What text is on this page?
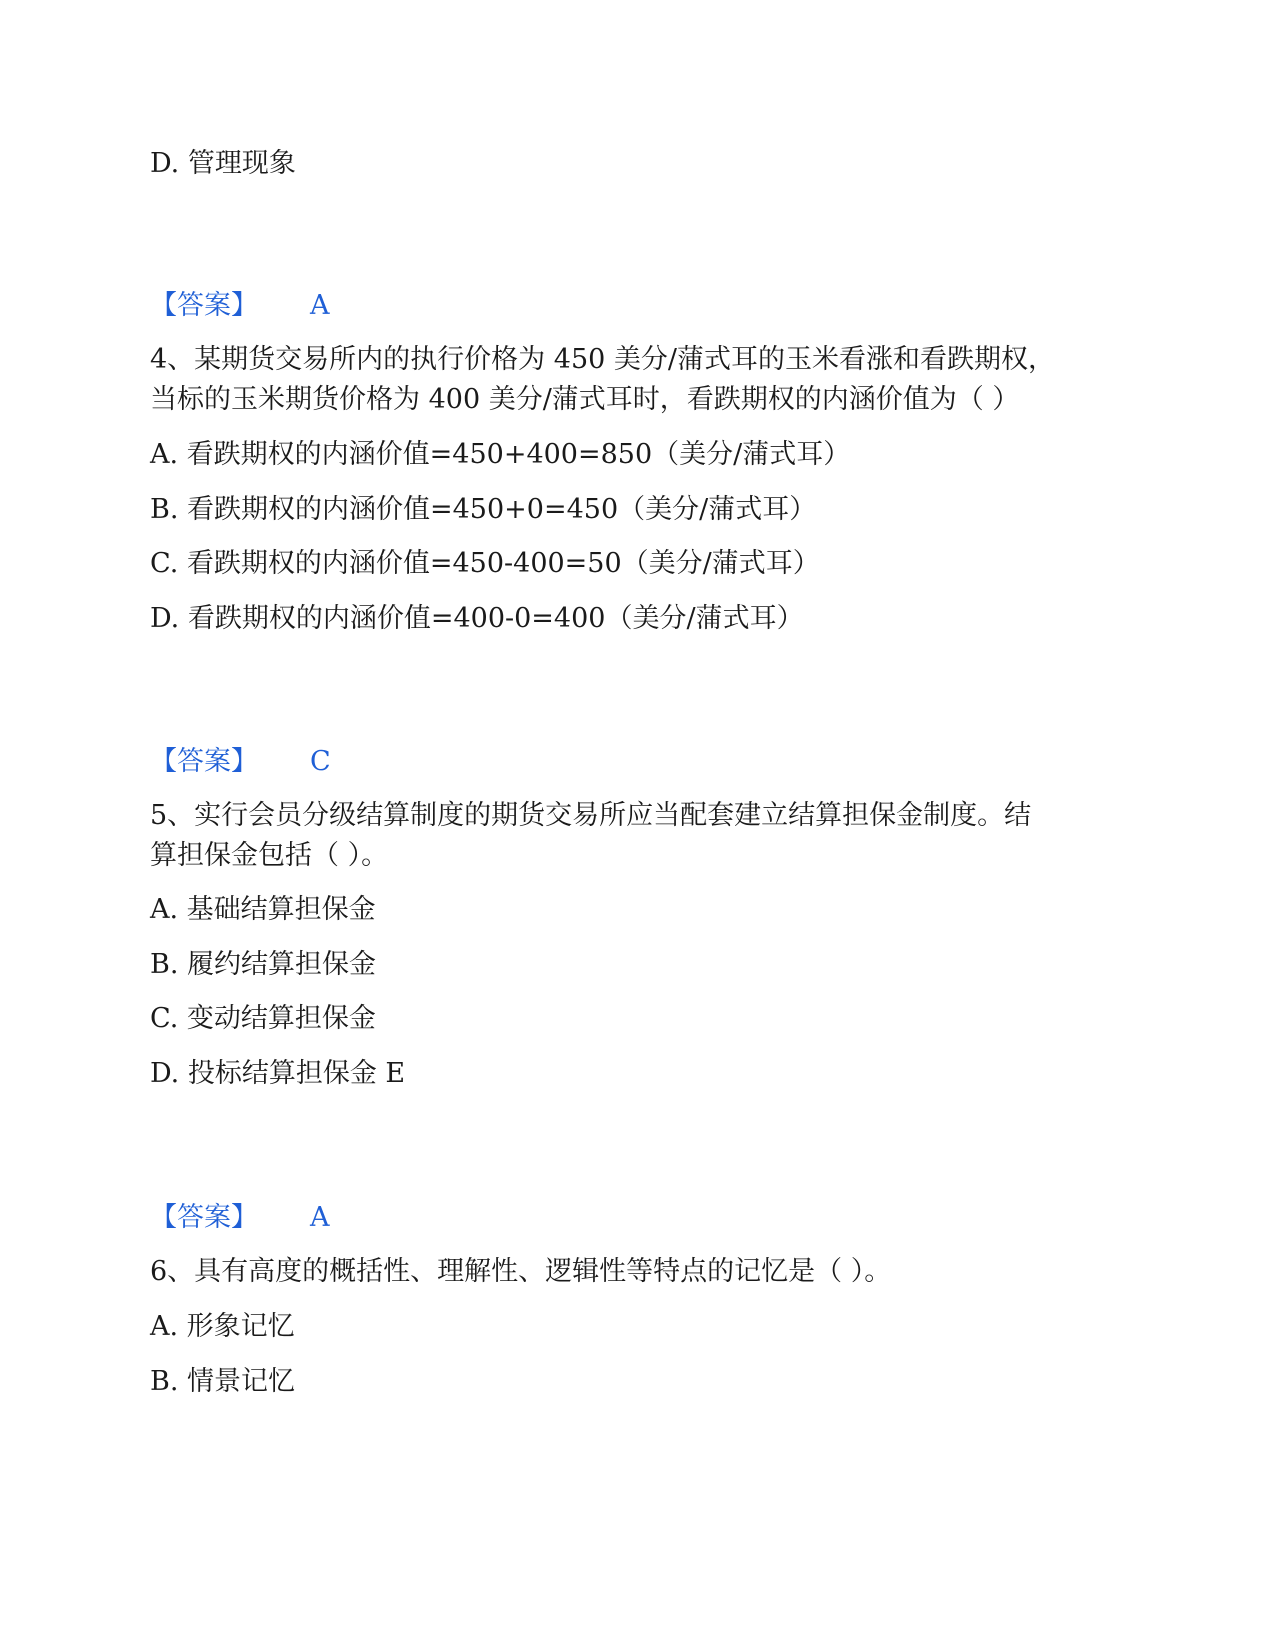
D. 管理现象
【答案】 A
4、某期货交易所内的执行价格为 450 美分/蒲式耳的玉米看涨和看跌期权，
当标的玉米期货价格为 400 美分/蒲式耳时，看跌期权的内涵价值为（ ）
A. 看跌期权的内涵价值=450+400=850（美分/蒲式耳）
B. 看跌期权的内涵价值=450+0=450（美分/蒲式耳）
C. 看跌期权的内涵价值=450-400=50（美分/蒲式耳）
D. 看跌期权的内涵价值=400-0=400（美分/蒲式耳）
【答案】 C
5、实行会员分级结算制度的期货交易所应当配套建立结算担保金制度。结
算担保金包括（ ）。
A. 基础结算担保金
B. 履约结算担保金
C. 变动结算担保金
D. 投标结算担保金 E
【答案】 A
6、具有高度的概括性、理解性、逻辑性等特点的记忆是（ ）。
A. 形象记忆
B. 情景记忆
